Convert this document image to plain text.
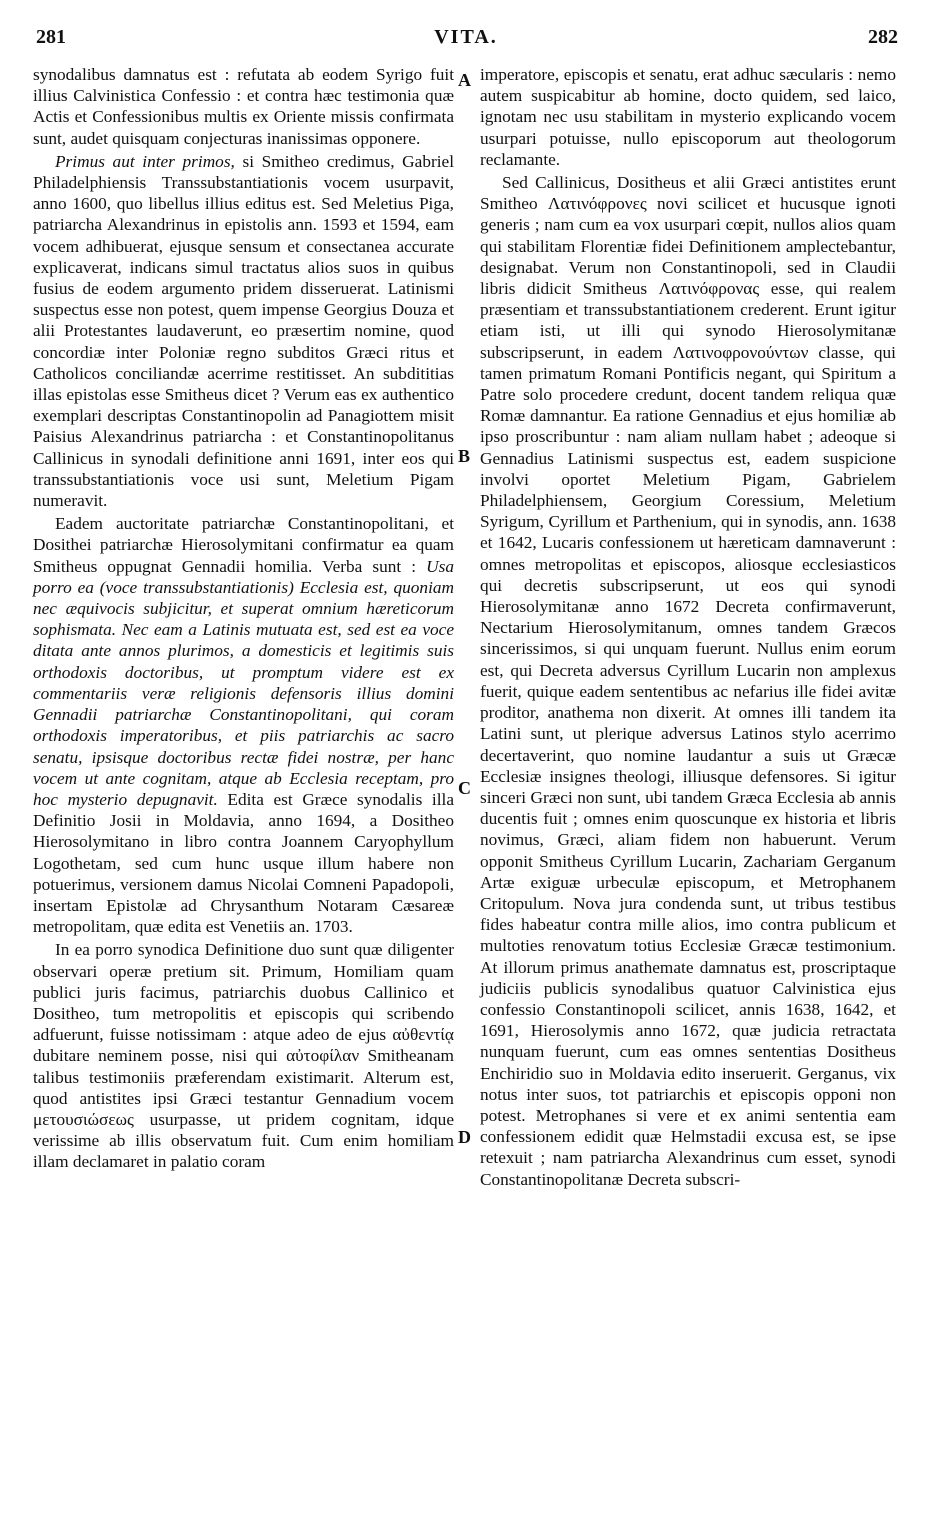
281	VITA.	282

synodalibus damnatus est : refutata ab eodem Syrigo fuit illius Calvinistica Confessio : et contra hæc testimonia quæ Actis et Confessionibus multis ex Oriente missis confirmata sunt, audet quisquam conjecturas inanissimas opponere.

Primus aut inter primos, si Smitheo credimus, Gabriel Philadelphiensis Transsubstantiationis vocem usurpavit, anno 1600, quo libellus illius editus est. Sed Meletius Piga, patriarcha Alexandrinus in epistolis ann. 1593 et 1594, eam vocem adhibuerat, ejusque sensum et consectanea accurate explicaverat, indicans simul tractatus alios suos in quibus fusius de eodem argumento pridem disseruerat. Latinismi suspectus esse non potest, quem impense Georgius Douza et alii Protestantes laudaverunt, eo præsertim nomine, quod concordiæ inter Poloniæ regno subditos Græci ritus et Catholicos conciliandæ acerrime restitisset. An subdititias illas epistolas esse Smitheus dicet ? Verum eas ex authentico exemplari descriptas Constantinopolin ad Panagiottem misit Paisius Alexandrinus patriarcha : et Constantinopolitanus Callinicus in synodali definitione anni 1691, inter eos qui transsubstantiationis voce usi sunt, Meletium Pigam numeravit.

Eadem auctoritate patriarchæ Constantinopolitani, et Dosithei patriarchæ Hierosolymitani confirmatur ea quam Smitheus oppugnat Gennadii homilia. Verba sunt : Usa porro ea (voce transsubstantiationis) Ecclesia est, quoniam nec æquivocis subjicitur, et superat omnium hæreticorum sophismata. Nec eam a Latinis mutuata est, sed est ea voce ditata ante annos plurimos, a domesticis et legitimis suis orthodoxis doctoribus, ut promptum videre est ex commentariis veræ religionis defensoris illius domini Gennadii patriarchæ Constantinopolitani, qui coram orthodoxis imperatoribus, et piis patriarchis ac sacro senatu, ipsisque doctoribus rectæ fidei nostræ, per hanc vocem ut ante cognitam, atque ab Ecclesia receptam, pro hoc mysterio depugnavit. Edita est Græce synodalis illa Definitio Josii in Moldavia, anno 1694, a Dositheo Hierosolymitano in libro contra Joannem Caryophyllum Logothetam, sed cum hunc usque illum habere non potuerimus, versionem damus Nicolai Comneni Papadopoli, insertam Epistolæ ad Chrysanthum Notaram Cæsareæ metropolitam, quæ edita est Venetiis an. 1703.

In ea porro synodica Definitione duo sunt quæ diligenter observari operæ pretium sit. Primum, Homiliam quam publici juris facimus, patriarchis duobus Callinico et Dositheo, tum metropolitis et episcopis qui scribendo adfuerunt, fuisse notissimam : atque adeo de ejus αὐθεντίᾳ dubitare neminem posse, nisi qui αὐτοφίλαν Smitheanam talibus testimoniis præferendam existimarit. Alterum est, quod antistites ipsi Græci testantur Gennadium vocem μετουσιώσεως usurpasse, ut pridem cognitam, idque verissime ab illis observatum fuit. Cum enim homiliam illam declamaret in palatio coram

A
B
C
D

imperatore, episcopis et senatu, erat adhuc sæcularis : nemo autem suspicabitur ab homine, docto quidem, sed laico, ignotam nec usu stabilitam in mysterio explicando vocem usurpari potuisse, nullo episcoporum aut theologorum reclamante.

Sed Callinicus, Dositheus et alii Græci antistites erunt Smitheo Λατινόφρονες novi scilicet et hucusque ignoti generis ; nam cum ea vox usurpari cœpit, nullos alios quam qui stabilitam Florentiæ fidei Definitionem amplectebantur, designabat. Verum non Constantinopoli, sed in Claudii libris didicit Smitheus Λατινόφρονας esse, qui realem præsentiam et transsubstantiationem crederent. Erunt igitur etiam isti, ut illi qui synodo Hierosolymitanæ subscripserunt, in eadem Λατινοφρονούντων classe, qui tamen primatum Romani Pontificis negant, qui Spiritum a Patre solo procedere credunt, docent tandem reliqua quæ Romæ damnantur. Ea ratione Gennadius et ejus homiliæ ab ipso proscribuntur : nam aliam nullam habet ; adeoque si Gennadius Latinismi suspectus est, eadem suspicione involvi oportet Meletium Pigam, Gabrielem Philadelphiensem, Georgium Coressium, Meletium Syrigum, Cyrillum et Parthenium, qui in synodis, ann. 1638 et 1642, Lucaris confessionem ut hæreticam damnaverunt : omnes metropolitas et episcopos, aliosque ecclesiasticos qui decretis subscripserunt, ut eos qui synodi Hierosolymitanæ anno 1672 Decreta confirmaverunt, Nectarium Hierosolymitanum, omnes tandem Græcos sincerissimos, si qui unquam fuerunt. Nullus enim eorum est, qui Decreta adversus Cyrillum Lucarin non amplexus fuerit, quique eadem sententibus ac nefarius ille fidei avitæ proditor, anathema non dixerit. At omnes illi tandem ita Latini sunt, ut plerique adversus Latinos stylo acerrimo decertaverint, quo nomine laudantur a suis ut Græcæ Ecclesiæ insignes theologi, illiusque defensores. Si igitur sinceri Græci non sunt, ubi tandem Græca Ecclesia ab annis ducentis fuit ; omnes enim quoscunque ex historia et libris novimus, Græci, aliam fidem non habuerunt. Verum opponit Smitheus Cyrillum Lucarin, Zachariam Gerganum Artæ exiguæ urbeculæ episcopum, et Metrophanem Critopulum. Nova jura condenda sunt, ut tribus testibus fides habeatur contra mille alios, imo contra publicum et multoties renovatum totius Ecclesiæ Græcæ testimonium. At illorum primus anathemate damnatus est, proscriptaque judiciis publicis synodalibus quatuor Calvinistica ejus confessio Constantinopoli scilicet, annis 1638, 1642, et 1691, Hierosolymis anno 1672, quæ judicia retractata nunquam fuerunt, cum eas omnes sententias Dositheus Enchiridio suo in Moldavia edito inseruerit. Gerganus, vix notus inter suos, tot patriarchis et episcopis opponi non potest. Metrophanes si vere et ex animi sententia eam confessionem edidit quæ Helmstadii excusa est, se ipse retexuit ; nam patriarcha Alexandrinus cum esset, synodi Constantinopolitanæ Decreta subscri-
